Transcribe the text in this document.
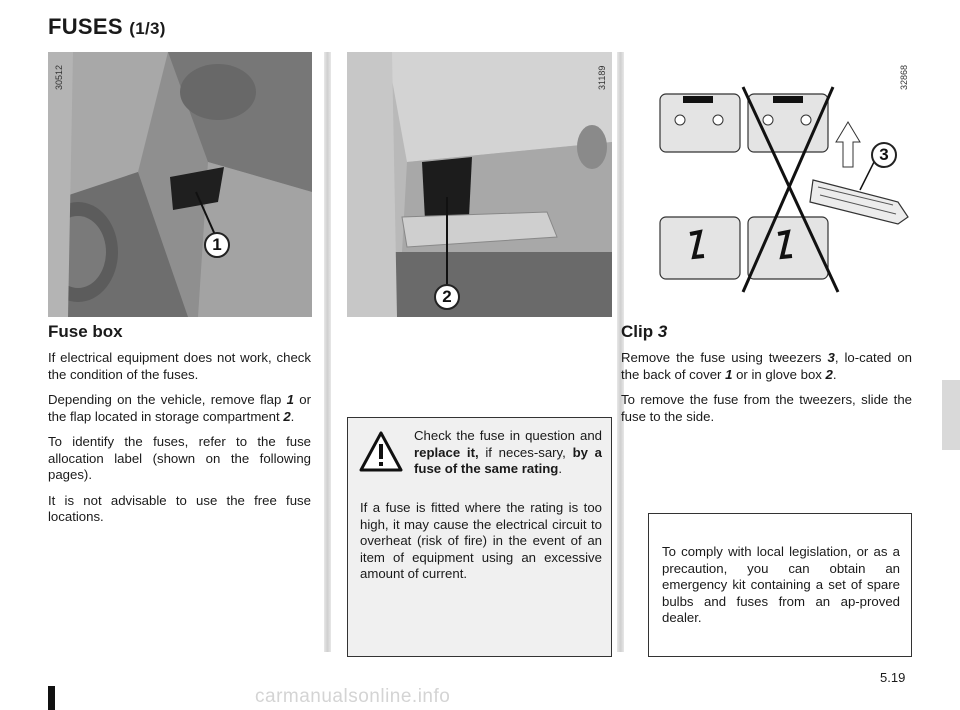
FUSES (1/3)
30512
1
31189
2
32868
3
Fuse box

If electrical equipment does not work, check the condition of the fuses.

Depending on the vehicle, remove flap 1 or the flap located in storage compartment 2.

To identify the fuses, refer to the fuse allocation label (shown on the following pages).

It is not advisable to use the free fuse locations.

Check the fuse in question and replace it, if neces-sary, by a fuse of the same rating.

If a fuse is fitted where the rating is too high, it may cause the electrical circuit to overheat (risk of fire) in the event of an item of equipment using an excessive amount of current.

Clip 3

Remove the fuse using tweezers 3, lo-cated on the back of cover 1 or in glove box 2.

To remove the fuse from the tweezers, slide the fuse to the side.

To comply with local legislation, or as a precaution, you can obtain an emergency kit containing a set of spare bulbs and fuses from an ap-proved dealer.

5.19
carmanualsonline.info
